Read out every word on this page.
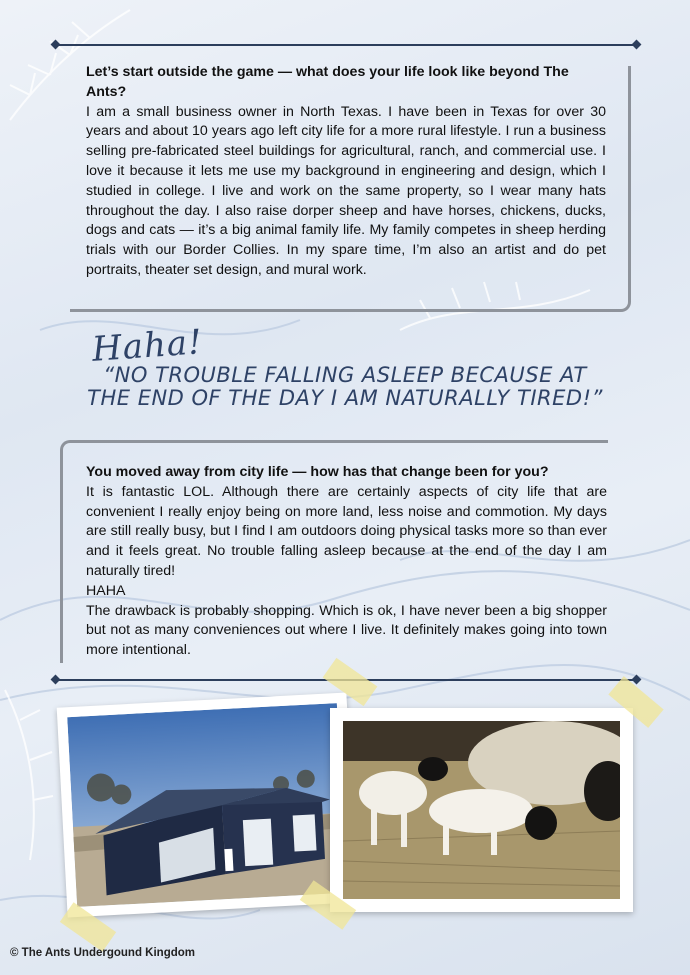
Let’s start outside the game — what does your life look like beyond The Ants?

I am a small business owner in North Texas. I have been in Texas for over 30 years and about 10 years ago left city life for a more rural lifestyle. I run a business selling pre-fabricated steel buildings for agricultural, ranch, and commercial use. I love it because it lets me use my background in engineering and design, which I studied in college. I live and work on the same property, so I wear many hats throughout the day. I also raise dorper sheep and have horses, chickens, ducks, dogs and cats — it’s a big animal family life. My family competes in sheep herding trials with our Border Collies. In my spare time, I’m also an artist and do pet portraits, theater set design, and mural work.

Haha!
“NO TROUBLE FALLING ASLEEP BECAUSE AT THE END OF THE DAY I AM NATURALLY TIRED!”

You moved away from city life — how has that change been for you?

It is fantastic LOL. Although there are certainly aspects of city life that are convenient I really enjoy being on more land, less noise and commotion. My days are still really busy, but I find I am outdoors doing physical tasks more so than ever and it feels great. No trouble falling asleep because at the end of the day I am naturally tired!

HAHA

The drawback is probably shopping. Which is ok, I have never been a big shopper but not as many conveniences out where I live. It definitely makes going into town more intentional.

© The Ants Undergound Kingdom
